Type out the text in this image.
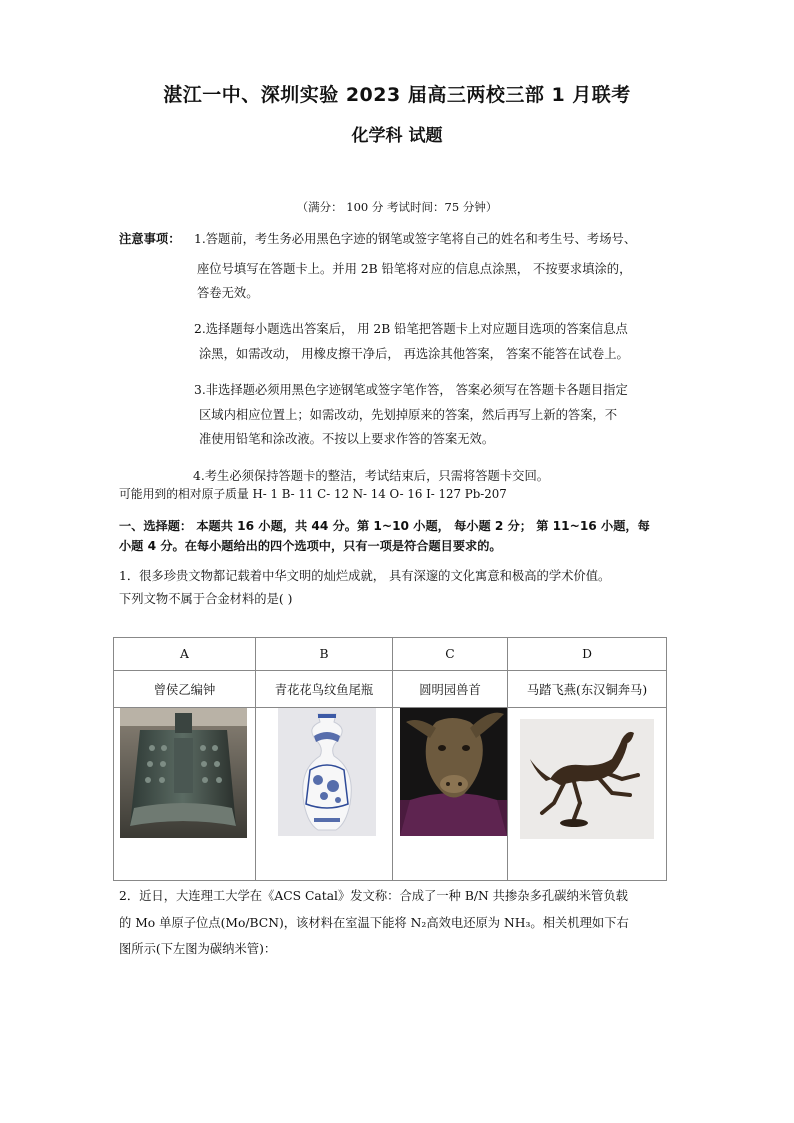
湛江一中、深圳实验 2023 届高三两校三部 1 月联考
化学科 试题
（满分： 100 分 考试时间：75 分钟）
注意事项： 1.答题前，考生务必用黑色字迹的钢笔或签字笔将自己的姓名和考生号、考场号、
座位号填写在答题卡上。并用 2B 铅笔将对应的信息点涂黑， 不按要求填涂的，
答卷无效。
2.选择题每小题选出答案后， 用 2B 铅笔把答题卡上对应题目选项的答案信息点
涂黑，如需改动， 用橡皮擦干净后， 再选涂其他答案， 答案不能答在试卷上。
3.非选择题必须用黑色字迹钢笔或签字笔作答， 答案必须写在答题卡各题目指定
区域内相应位置上；如需改动，先划掉原来的答案，然后再写上新的答案，不
准使用铅笔和涂改液。不按以上要求作答的答案无效。
4.考生必须保持答题卡的整洁，考试结束后，只需将答题卡交回。
可能用到的相对原子质量 H- 1 B- 11 C- 12 N- 14 O- 16 I- 127 Pb-207
一、选择题： 本题共 16 小题，共 44 分。第 1~10 小题， 每小题 2 分； 第 11~16 小题，每
小题 4 分。在每小题给出的四个选项中，只有一项是符合题目要求的。
1．很多珍贵文物都记载着中华文明的灿烂成就， 具有深邃的文化寓意和极高的学术价值。
下列文物不属于合金材料的是( )
A	B	C	D
曾侯乙编钟	青花花鸟纹鱼尾瓶	圆明园兽首	马踏飞燕(东汉铜奔马)

2．近日，大连理工大学在《ACS Catal》发文称：合成了一种 B/N 共掺杂多孔碳纳米管负载
的 Mo 单原子位点(Mo/BCN)，该材料在室温下能将 N₂高效电还原为 NH₃。相关机理如下右
图所示(下左图为碳纳米管)：
